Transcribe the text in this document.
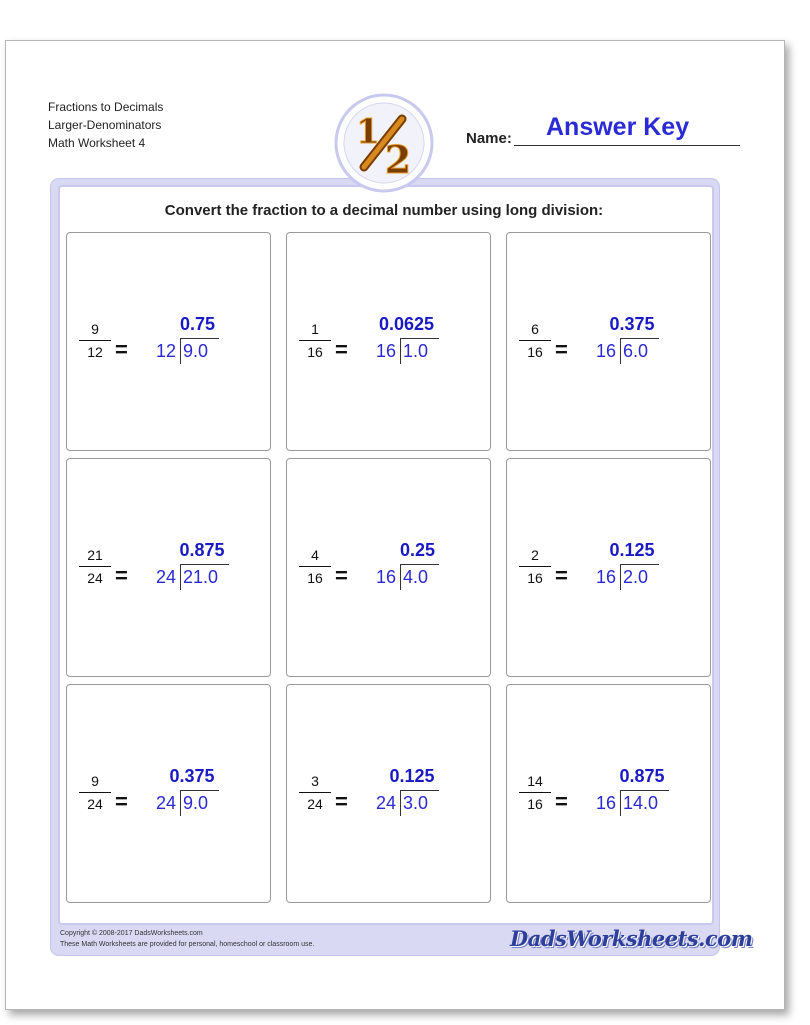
Fractions to Decimals
Larger-Denominators
Math Worksheet 4	1
2	Name: Answer Key
Convert the fraction to a decimal number using long division:
9
12 =	12 9.0
0.75	1
16 =	16 1.0
0.0625	6
16 =	16 6.0
0.375
21
24 =	24 21.0
0.875	4
16 =	16 4.0
0.25	2
16 =	16 2.0
0.125
9
24 =	24 9.0
0.375	3
24 =	24 3.0
0.125	14
16 =	16 14.0
0.875
Copyright © 2008-2017 DadsWorksheets.com
These Math Worksheets are provided for personal, homeschool or classroom use.	DadsWorksheets.com
